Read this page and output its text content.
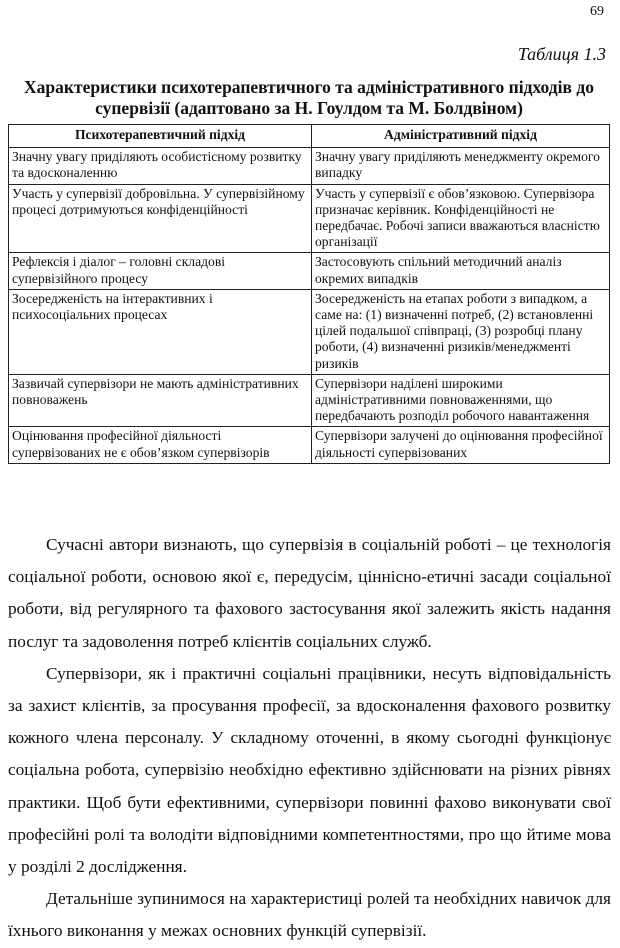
69
Таблиця 1.3
Характеристики психотерапевтичного та адміністративного підходів до супервізії (адаптовано за Н. Гоулдом та М. Болдвіном)
Психотерапевтичний підхід	Адміністративний підхід
Значну увагу приділяють особистісному розвитку та вдосконаленню	Значну увагу приділяють менеджменту окремого випадку
Участь у супервізії добровільна. У супервізійному процесі дотримуються конфіденційності	Участь у супервізії є обов’язковою. Супервізора призначає керівник. Конфіденційності не передбачає. Робочі записи вважаються власністю організації
Рефлексія і діалог – головні складові супервізійного процесу	Застосовують спільний методичний аналіз окремих випадків
Зосередженість на інтерактивних і психосоціальних процесах	Зосередженість на етапах роботи з випадком, а саме на: (1) визначенні потреб, (2) встановленні цілей подальшої співпраці, (3) розробці плану роботи, (4) визначенні ризиків/менеджменті ризиків
Зазвичай супервізори не мають адміністративних повноважень	Супервізори наділені широкими адміністративними повноваженнями, що передбачають розподіл робочого навантаження
Оцінювання професійної діяльності супервізованих не є обов’язком супервізорів	Супервізори залучені до оцінювання професійної діяльності супервізованих

Сучасні автори визнають, що супервізія в соціальній роботі – це технологія соціальної роботи, основою якої є, передусім, ціннісно-етичні засади соціальної роботи, від регулярного та фахового застосування якої залежить якість надання послуг та задоволення потреб клієнтів соціальних служб.

Супервізори, як і практичні соціальні працівники, несуть відповідальність за захист клієнтів, за просування професії, за вдосконалення фахового розвитку кожного члена персоналу. У складному оточенні, в якому сьогодні функціонує соціальна робота, супервізію необхідно ефективно здійснювати на різних рівнях практики. Щоб бути ефективними, супервізори повинні фахово виконувати свої професійні ролі та володіти відповідними компетентностями, про що йтиме мова у розділі 2 дослідження.

Детальніше зупинимося на характеристиці ролей та необхідних навичок для їхнього виконання у межах основних функцій супервізії.
